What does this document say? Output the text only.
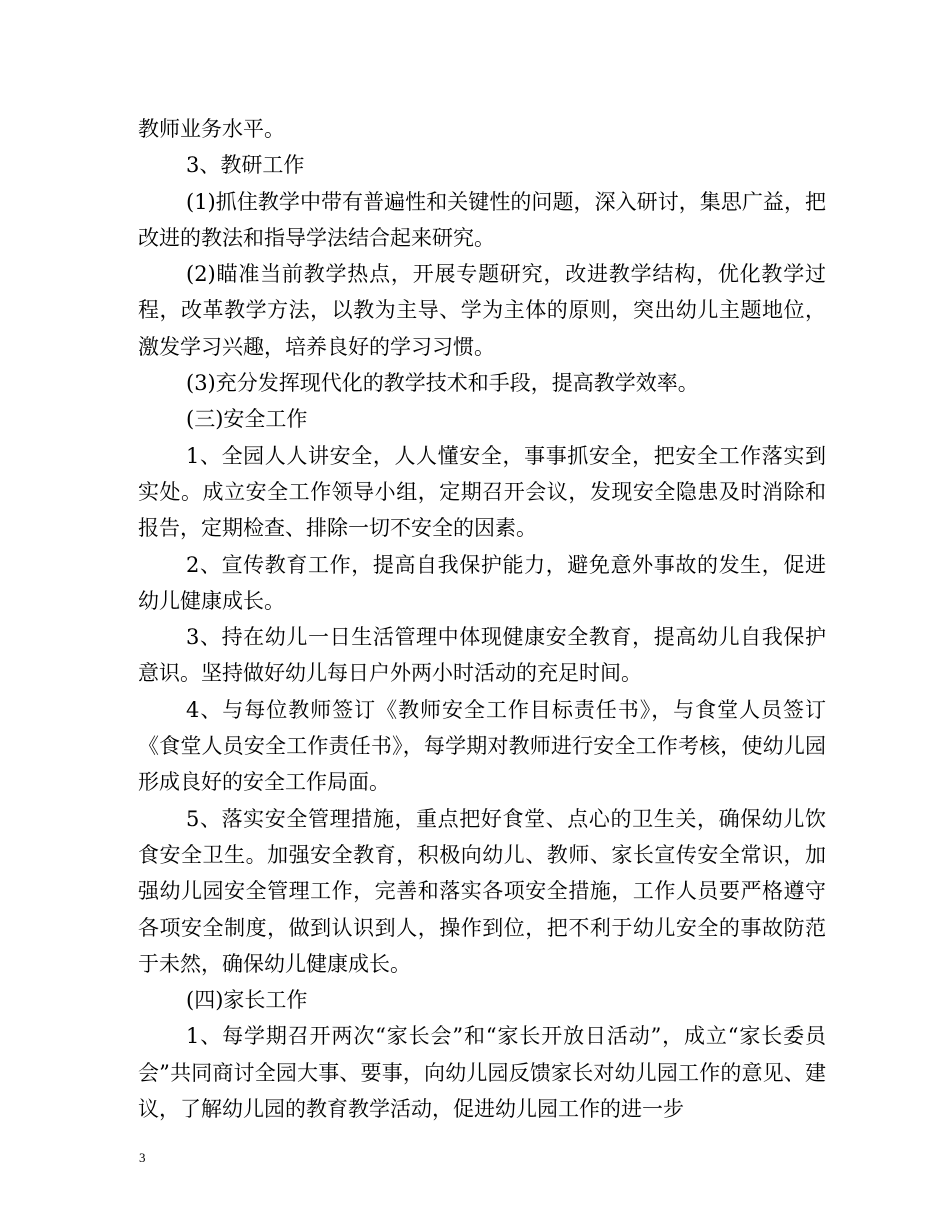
教师业务水平。

3、教研工作

(1)抓住教学中带有普遍性和关键性的问题，深入研讨，集思广益，把改进的教法和指导学法结合起来研究。

(2)瞄准当前教学热点，开展专题研究，改进教学结构，优化教学过程，改革教学方法，以教为主导、学为主体的原则，突出幼儿主题地位，激发学习兴趣，培养良好的学习习惯。

(3)充分发挥现代化的教学技术和手段，提高教学效率。

(三)安全工作

1、全园人人讲安全，人人懂安全，事事抓安全，把安全工作落实到实处。成立安全工作领导小组，定期召开会议，发现安全隐患及时消除和报告，定期检查、排除一切不安全的因素。

2、宣传教育工作，提高自我保护能力，避免意外事故的发生，促进幼儿健康成长。

3、持在幼儿一日生活管理中体现健康安全教育，提高幼儿自我保护意识。坚持做好幼儿每日户外两小时活动的充足时间。

4、与每位教师签订《教师安全工作目标责任书》，与食堂人员签订《食堂人员安全工作责任书》，每学期对教师进行安全工作考核，使幼儿园形成良好的安全工作局面。

5、落实安全管理措施，重点把好食堂、点心的卫生关，确保幼儿饮食安全卫生。加强安全教育，积极向幼儿、教师、家长宣传安全常识，加强幼儿园安全管理工作，完善和落实各项安全措施，工作人员要严格遵守各项安全制度，做到认识到人，操作到位，把不利于幼儿安全的事故防范于未然，确保幼儿健康成长。

(四)家长工作

1、每学期召开两次“家长会”和“家长开放日活动”，成立“家长委员会”共同商讨全园大事、要事，向幼儿园反馈家长对幼儿园工作的意见、建议，了解幼儿园的教育教学活动，促进幼儿园工作的进一步

3
